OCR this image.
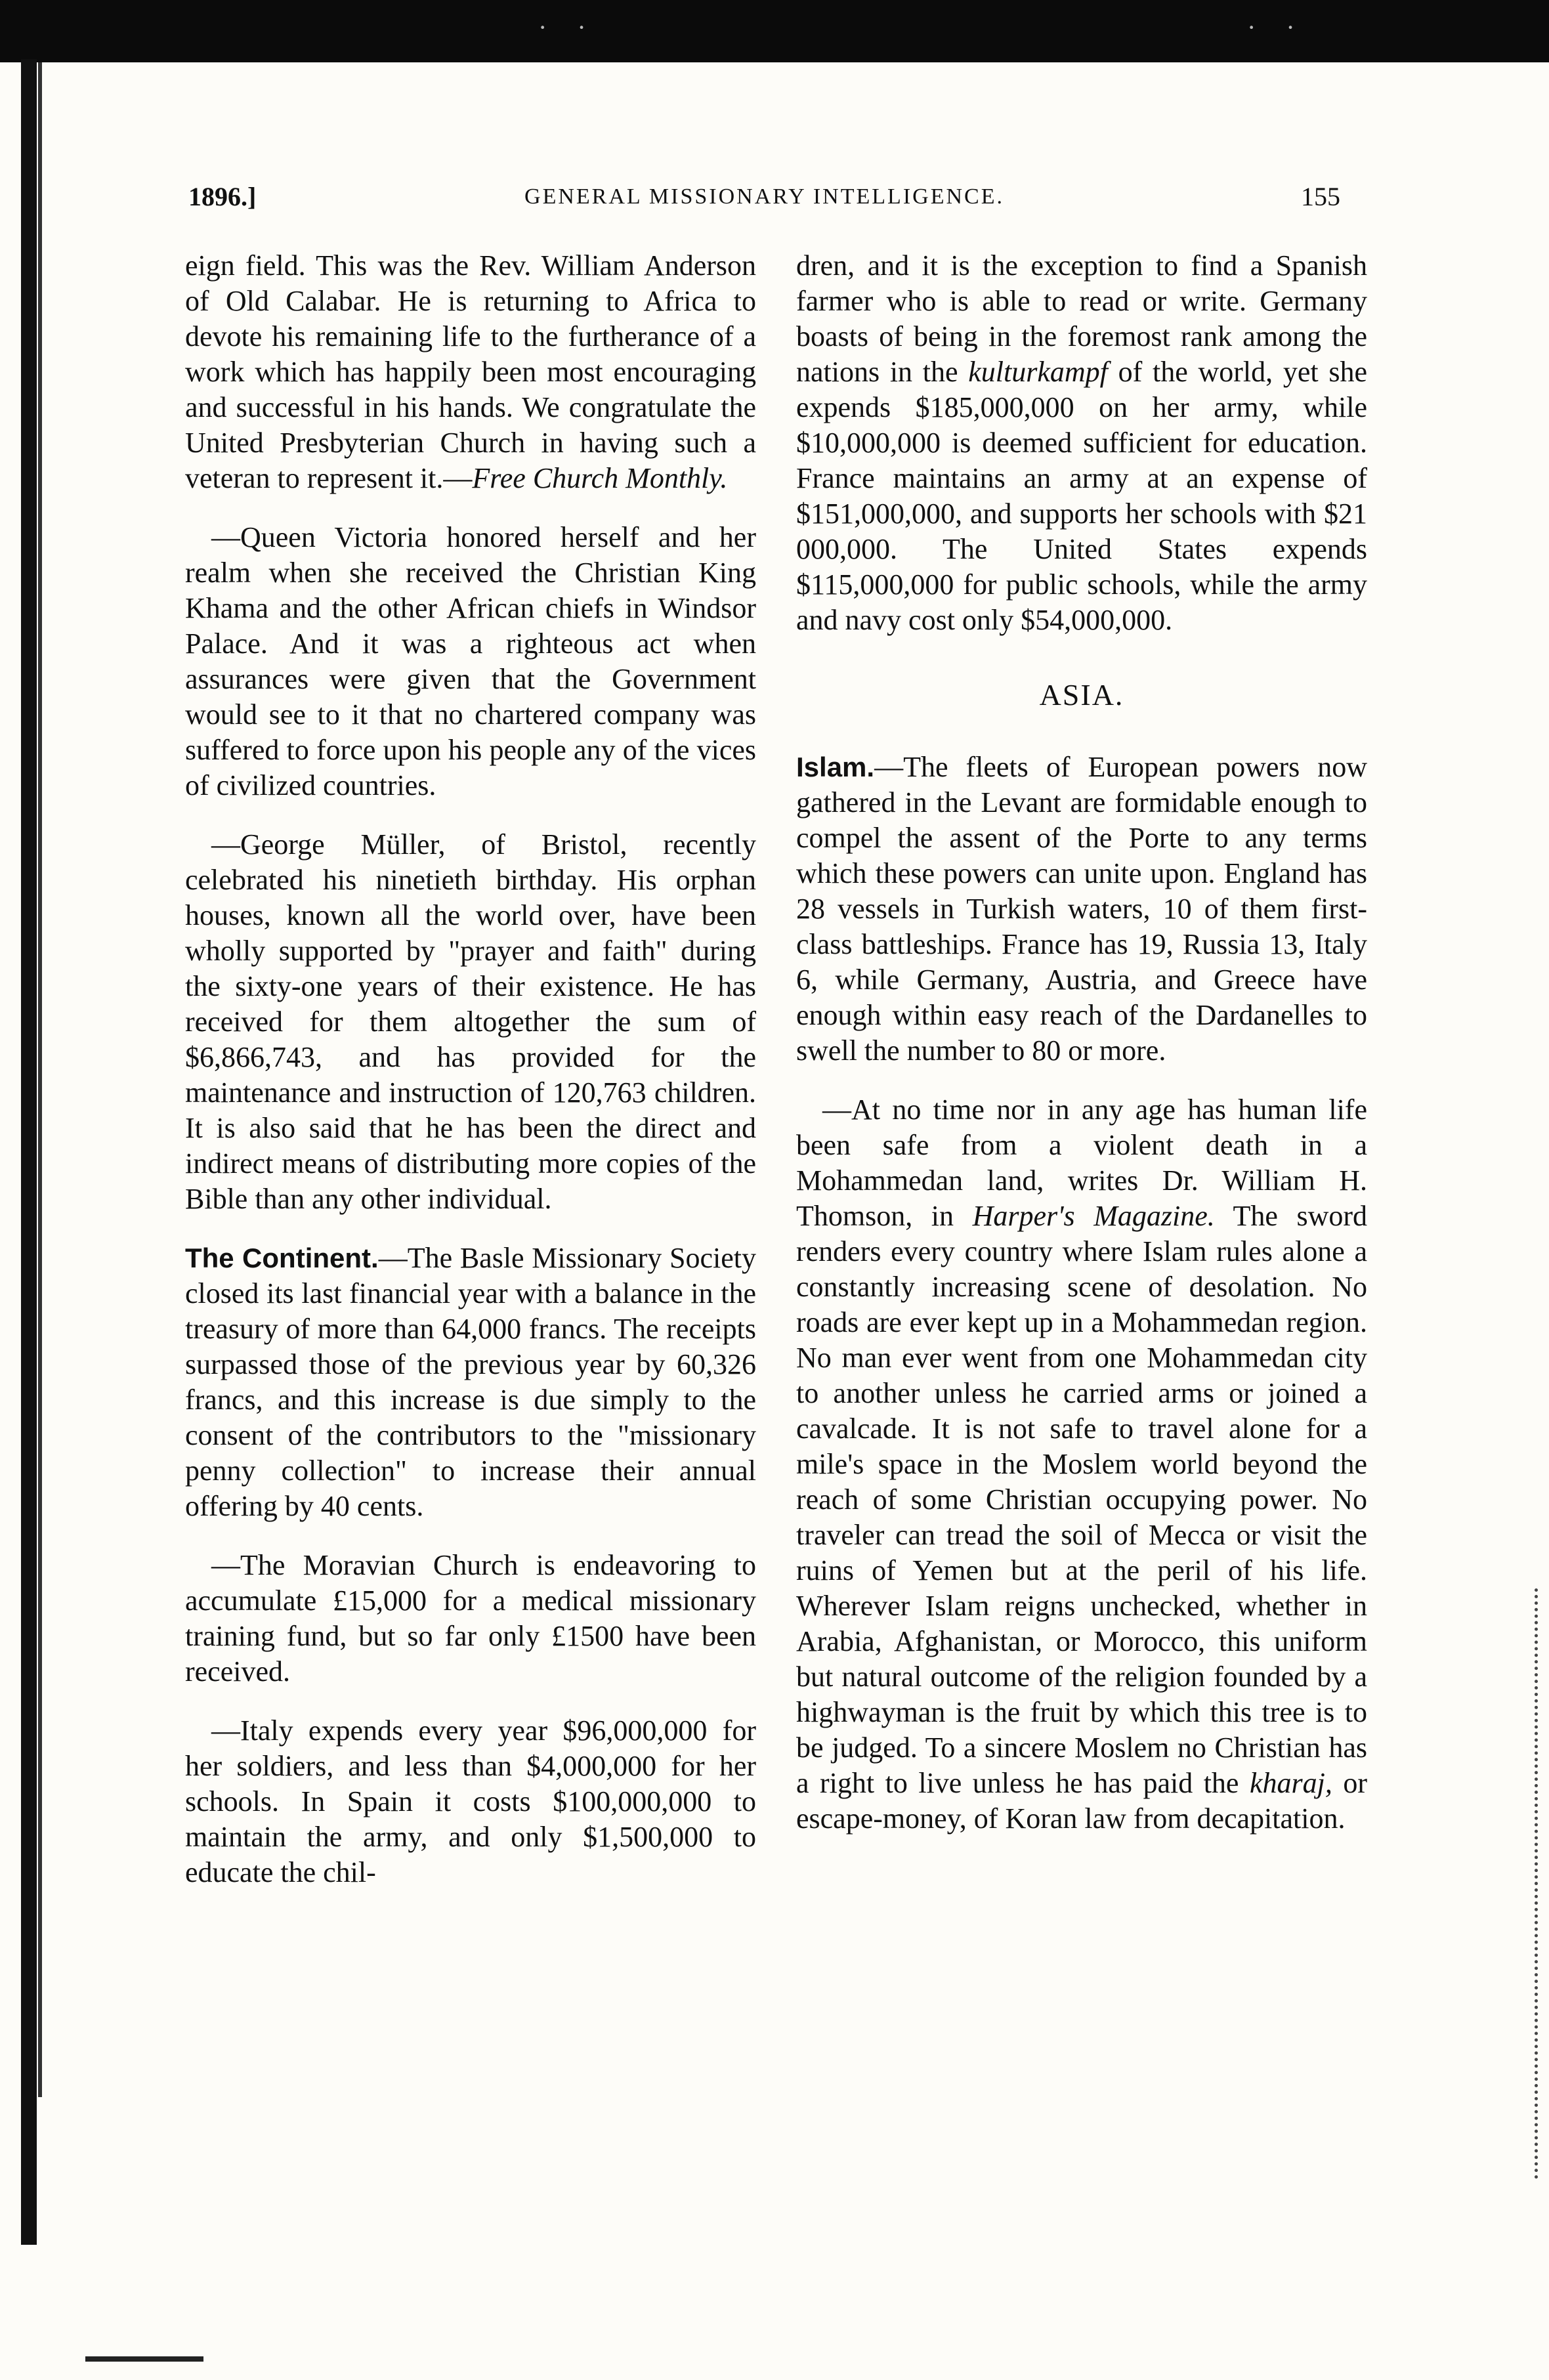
· ·	· ·
GENERAL MISSIONARY INTELLIGENCE.
1896.]	155

eign field. This was the Rev. William Anderson of Old Calabar. He is returning to Africa to devote his remaining life to the furtherance of a work which has happily been most encouraging and successful in his hands. We congratulate the United Presbyterian Church in having such a veteran to represent it.—Free Church Monthly.

—Queen Victoria honored herself and her realm when she received the Christian King Khama and the other African chiefs in Windsor Palace. And it was a righteous act when assurances were given that the Government would see to it that no chartered company was suffered to force upon his people any of the vices of civilized countries.

—George Müller, of Bristol, recently celebrated his ninetieth birthday. His orphan houses, known all the world over, have been wholly supported by "prayer and faith" during the sixty-one years of their existence. He has received for them altogether the sum of $6,866,743, and has provided for the maintenance and instruction of 120,763 children. It is also said that he has been the direct and indirect means of distributing more copies of the Bible than any other individual.

The Continent.—The Basle Missionary Society closed its last financial year with a balance in the treasury of more than 64,000 francs. The receipts surpassed those of the previous year by 60,326 francs, and this increase is due simply to the consent of the contributors to the "missionary penny collection" to increase their annual offering by 40 cents.

—The Moravian Church is endeavoring to accumulate £15,000 for a medical missionary training fund, but so far only £1500 have been received.

—Italy expends every year $96,000,000 for her soldiers, and less than $4,000,000 for her schools. In Spain it costs $100,000,000 to maintain the army, and only $1,500,000 to educate the chil-

dren, and it is the exception to find a Spanish farmer who is able to read or write. Germany boasts of being in the foremost rank among the nations in the kulturkampf of the world, yet she expends $185,000,000 on her army, while $10,000,000 is deemed sufficient for education. France maintains an army at an expense of $151,000,000, and supports her schools with $21 000,000. The United States expends $115,000,000 for public schools, while the army and navy cost only $54,000,000.

ASIA.

Islam.—The fleets of European powers now gathered in the Levant are formidable enough to compel the assent of the Porte to any terms which these powers can unite upon. England has 28 vessels in Turkish waters, 10 of them first-class battleships. France has 19, Russia 13, Italy 6, while Germany, Austria, and Greece have enough within easy reach of the Dardanelles to swell the number to 80 or more.

—At no time nor in any age has human life been safe from a violent death in a Mohammedan land, writes Dr. William H. Thomson, in Harper's Magazine. The sword renders every country where Islam rules alone a constantly increasing scene of desolation. No roads are ever kept up in a Mohammedan region. No man ever went from one Mohammedan city to another unless he carried arms or joined a cavalcade. It is not safe to travel alone for a mile's space in the Moslem world beyond the reach of some Christian occupying power. No traveler can tread the soil of Mecca or visit the ruins of Yemen but at the peril of his life. Wherever Islam reigns unchecked, whether in Arabia, Afghanistan, or Morocco, this uniform but natural outcome of the religion founded by a highwayman is the fruit by which this tree is to be judged. To a sincere Moslem no Christian has a right to live unless he has paid the kharaj, or escape-money, of Koran law from decapitation.
